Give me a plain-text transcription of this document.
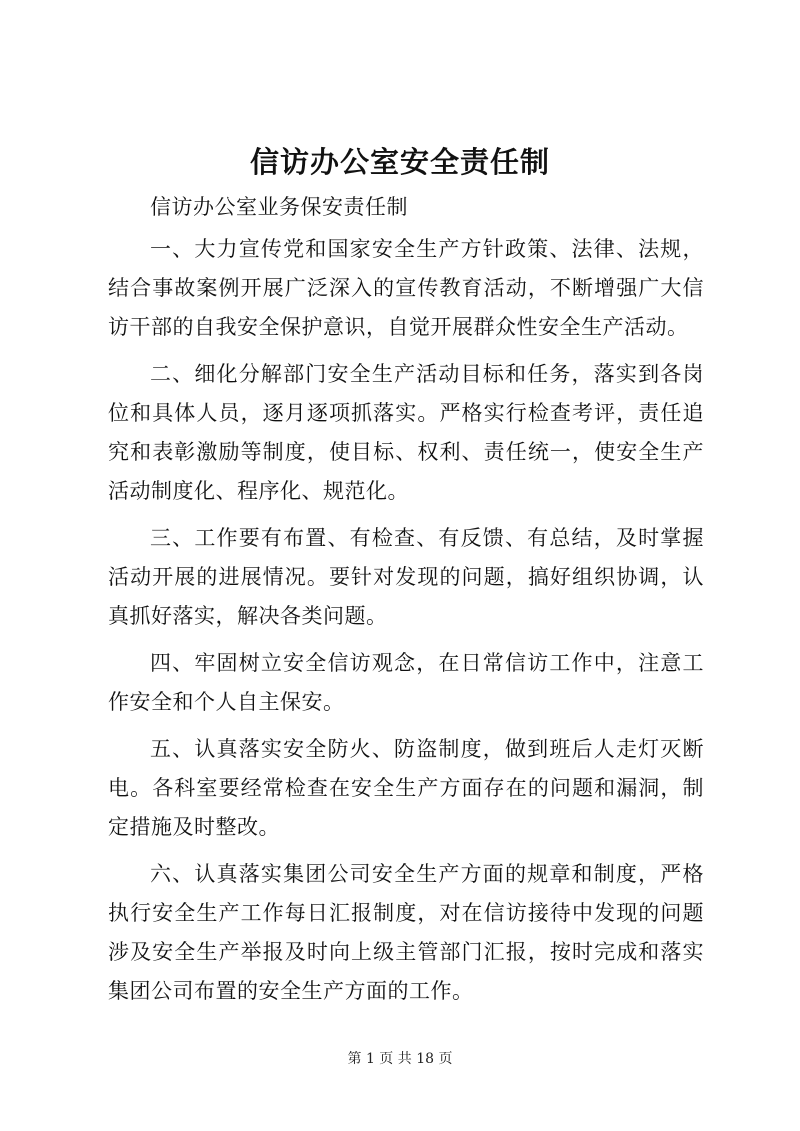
信访办公室安全责任制

信访办公室业务保安责任制

一、大力宣传党和国家安全生产方针政策、法律、法规，结合事故案例开展广泛深入的宣传教育活动，不断增强广大信访干部的自我安全保护意识，自觉开展群众性安全生产活动。

二、细化分解部门安全生产活动目标和任务，落实到各岗位和具体人员，逐月逐项抓落实。严格实行检查考评，责任追究和表彰激励等制度，使目标、权利、责任统一，使安全生产活动制度化、程序化、规范化。

三、工作要有布置、有检查、有反馈、有总结，及时掌握活动开展的进展情况。要针对发现的问题，搞好组织协调，认真抓好落实，解决各类问题。

四、牢固树立安全信访观念，在日常信访工作中，注意工作安全和个人自主保安。

五、认真落实安全防火、防盗制度，做到班后人走灯灭断电。各科室要经常检查在安全生产方面存在的问题和漏洞，制定措施及时整改。

六、认真落实集团公司安全生产方面的规章和制度，严格执行安全生产工作每日汇报制度，对在信访接待中发现的问题涉及安全生产举报及时向上级主管部门汇报，按时完成和落实集团公司布置的安全生产方面的工作。

第 1 页 共 18 页
